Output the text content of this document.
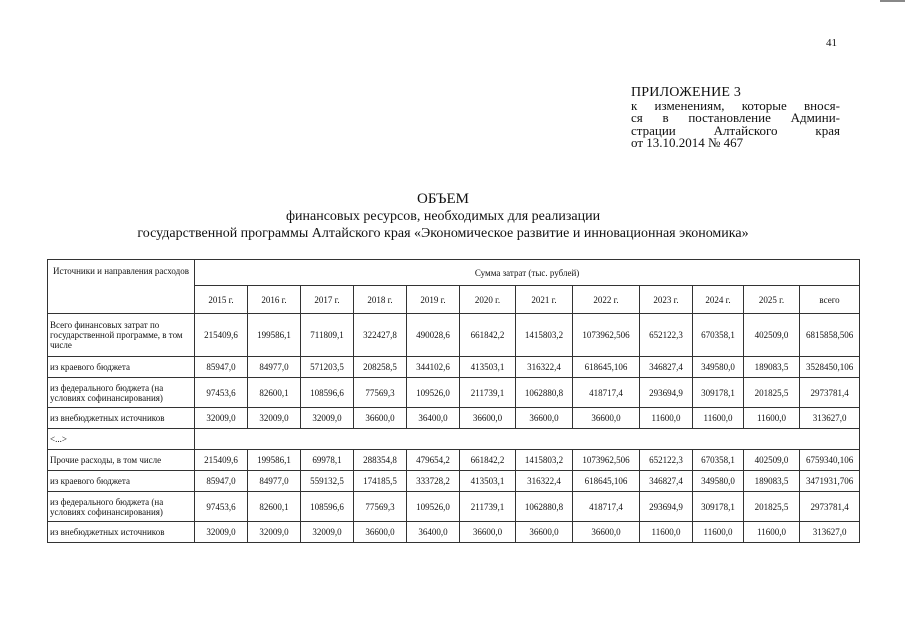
41
ПРИЛОЖЕНИЕ 3
к изменениям, которые внося-
ся в постановление Админи-
страции Алтайского края
от 13.10.2014 № 467
ОБЪЕМ
финансовых ресурсов, необходимых для реализации
государственной программы Алтайского края «Экономическое развитие и инновационная экономика»
Источники и направления расходов	Сумма затрат (тыс. рублей)											
	2015 г.	2016 г.	2017 г.	2018 г.	2019 г.	2020 г.	2021 г.	2022 г.	2023 г.	2024 г.	2025 г.	всего
Всего финансовых затрат по государственной программе, в том числе	215409,6	199586,1	711809,1	322427,8	490028,6	661842,2	1415803,2	1073962,506	652122,3	670358,1	402509,0	6815858,506
из краевого бюджета	85947,0	84977,0	571203,5	208258,5	344102,6	413503,1	316322,4	618645,106	346827,4	349580,0	189083,5	3528450,106
из федерального бюджета (на условиях софинансирования)	97453,6	82600,1	108596,6	77569,3	109526,0	211739,1	1062880,8	418717,4	293694,9	309178,1	201825,5	2973781,4
из внебюджетных источников	32009,0	32009,0	32009,0	36600,0	36400,0	36600,0	36600,0	36600,0	11600,0	11600,0	11600,0	313627,0
<...>												
Прочие расходы, в том числе	215409,6	199586,1	69978,1	288354,8	479654,2	661842,2	1415803,2	1073962,506	652122,3	670358,1	402509,0	6759340,106
из краевого бюджета	85947,0	84977,0	559132,5	174185,5	333728,2	413503,1	316322,4	618645,106	346827,4	349580,0	189083,5	3471931,706
из федерального бюджета (на условиях софинансирования)	97453,6	82600,1	108596,6	77569,3	109526,0	211739,1	1062880,8	418717,4	293694,9	309178,1	201825,5	2973781,4
из внебюджетных источников	32009,0	32009,0	32009,0	36600,0	36400,0	36600,0	36600,0	36600,0	11600,0	11600,0	11600,0	313627,0
